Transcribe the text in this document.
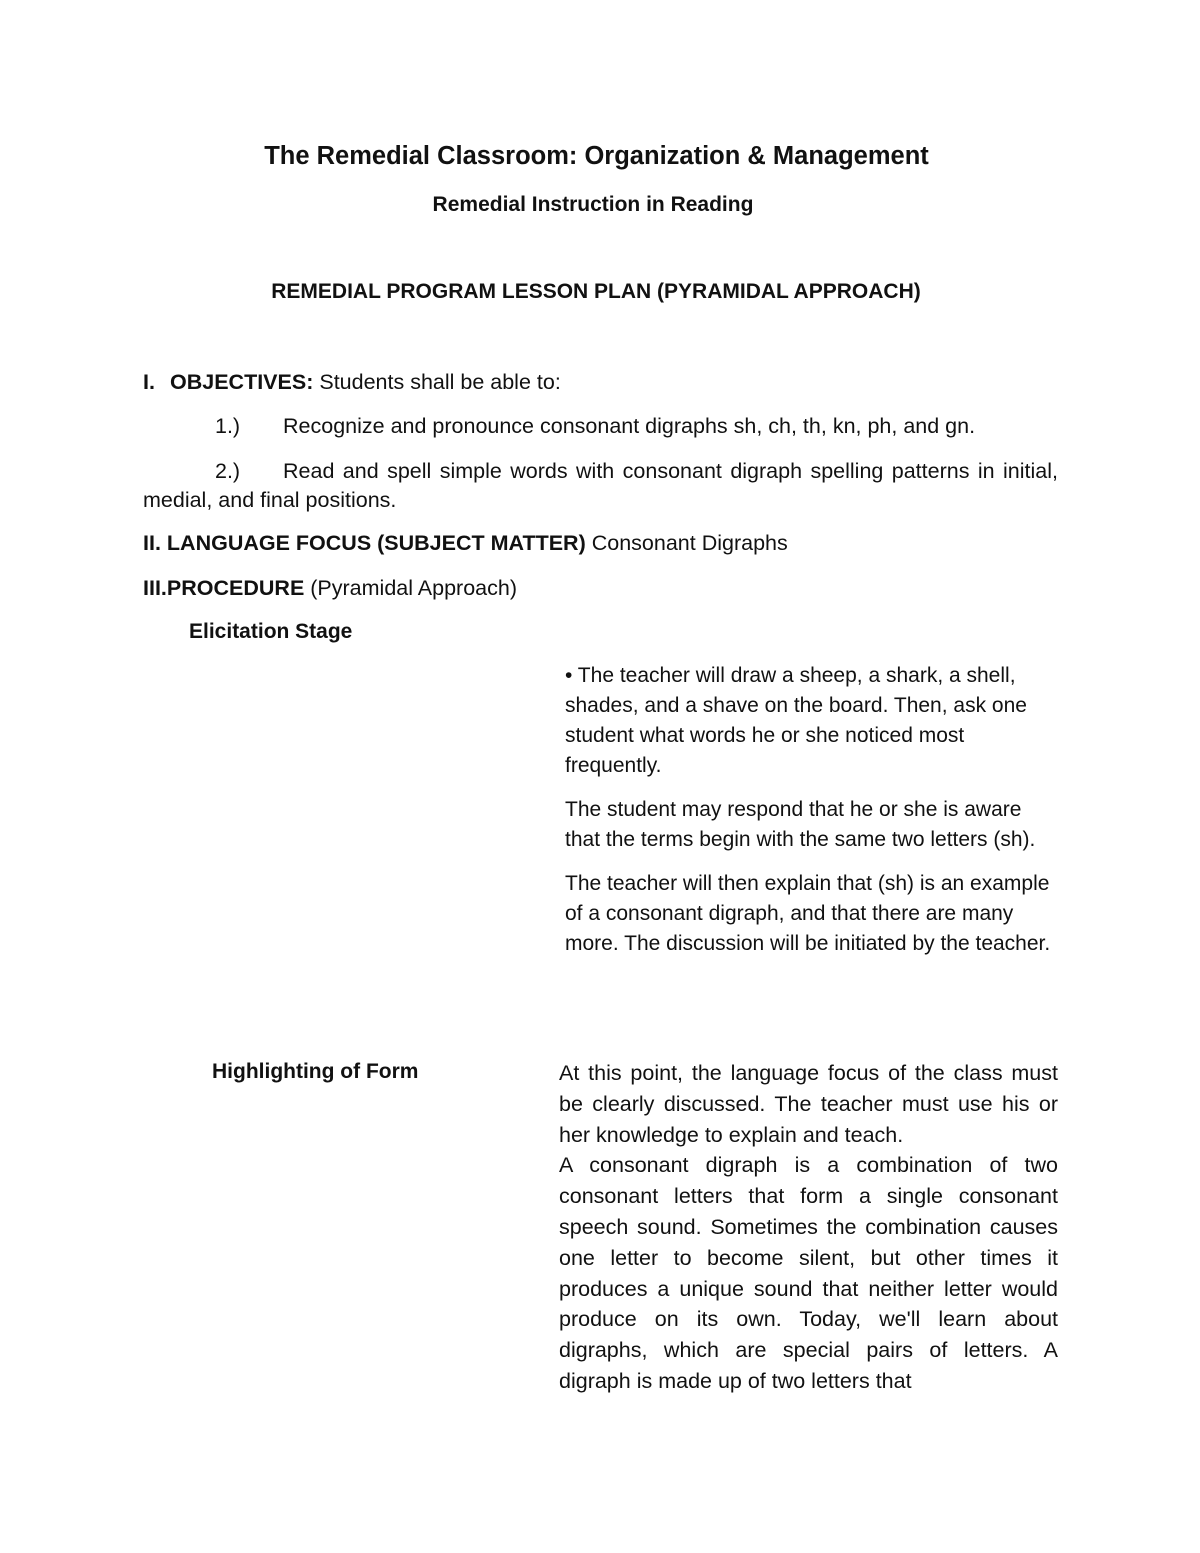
The Remedial Classroom: Organization & Management
Remedial Instruction in Reading
REMEDIAL PROGRAM LESSON PLAN (PYRAMIDAL APPROACH)
I. OBJECTIVES: Students shall be able to:
1.) Recognize and pronounce consonant digraphs sh, ch, th, kn, ph, and gn.
2.) Read and spell simple words with consonant digraph spelling patterns in initial, medial, and final positions.
II. LANGUAGE FOCUS (SUBJECT MATTER) Consonant Digraphs
III.PROCEDURE (Pyramidal Approach)
Elicitation Stage

• The teacher will draw a sheep, a shark, a shell, shades, and a shave on the board. Then, ask one student what words he or she noticed most frequently.

The student may respond that he or she is aware that the terms begin with the same two letters (sh).

The teacher will then explain that (sh) is an example of a consonant digraph, and that there are many more. The discussion will be initiated by the teacher.

Highlighting of Form	At this point, the language focus of the class must be clearly discussed. The teacher must use his or her knowledge to explain and teach.

A consonant digraph is a combination of two consonant letters that form a single consonant speech sound. Sometimes the combination causes one letter to become silent, but other times it produces a unique sound that neither letter would produce on its own. Today, we'll learn about digraphs, which are special pairs of letters. A digraph is made up of two letters that
